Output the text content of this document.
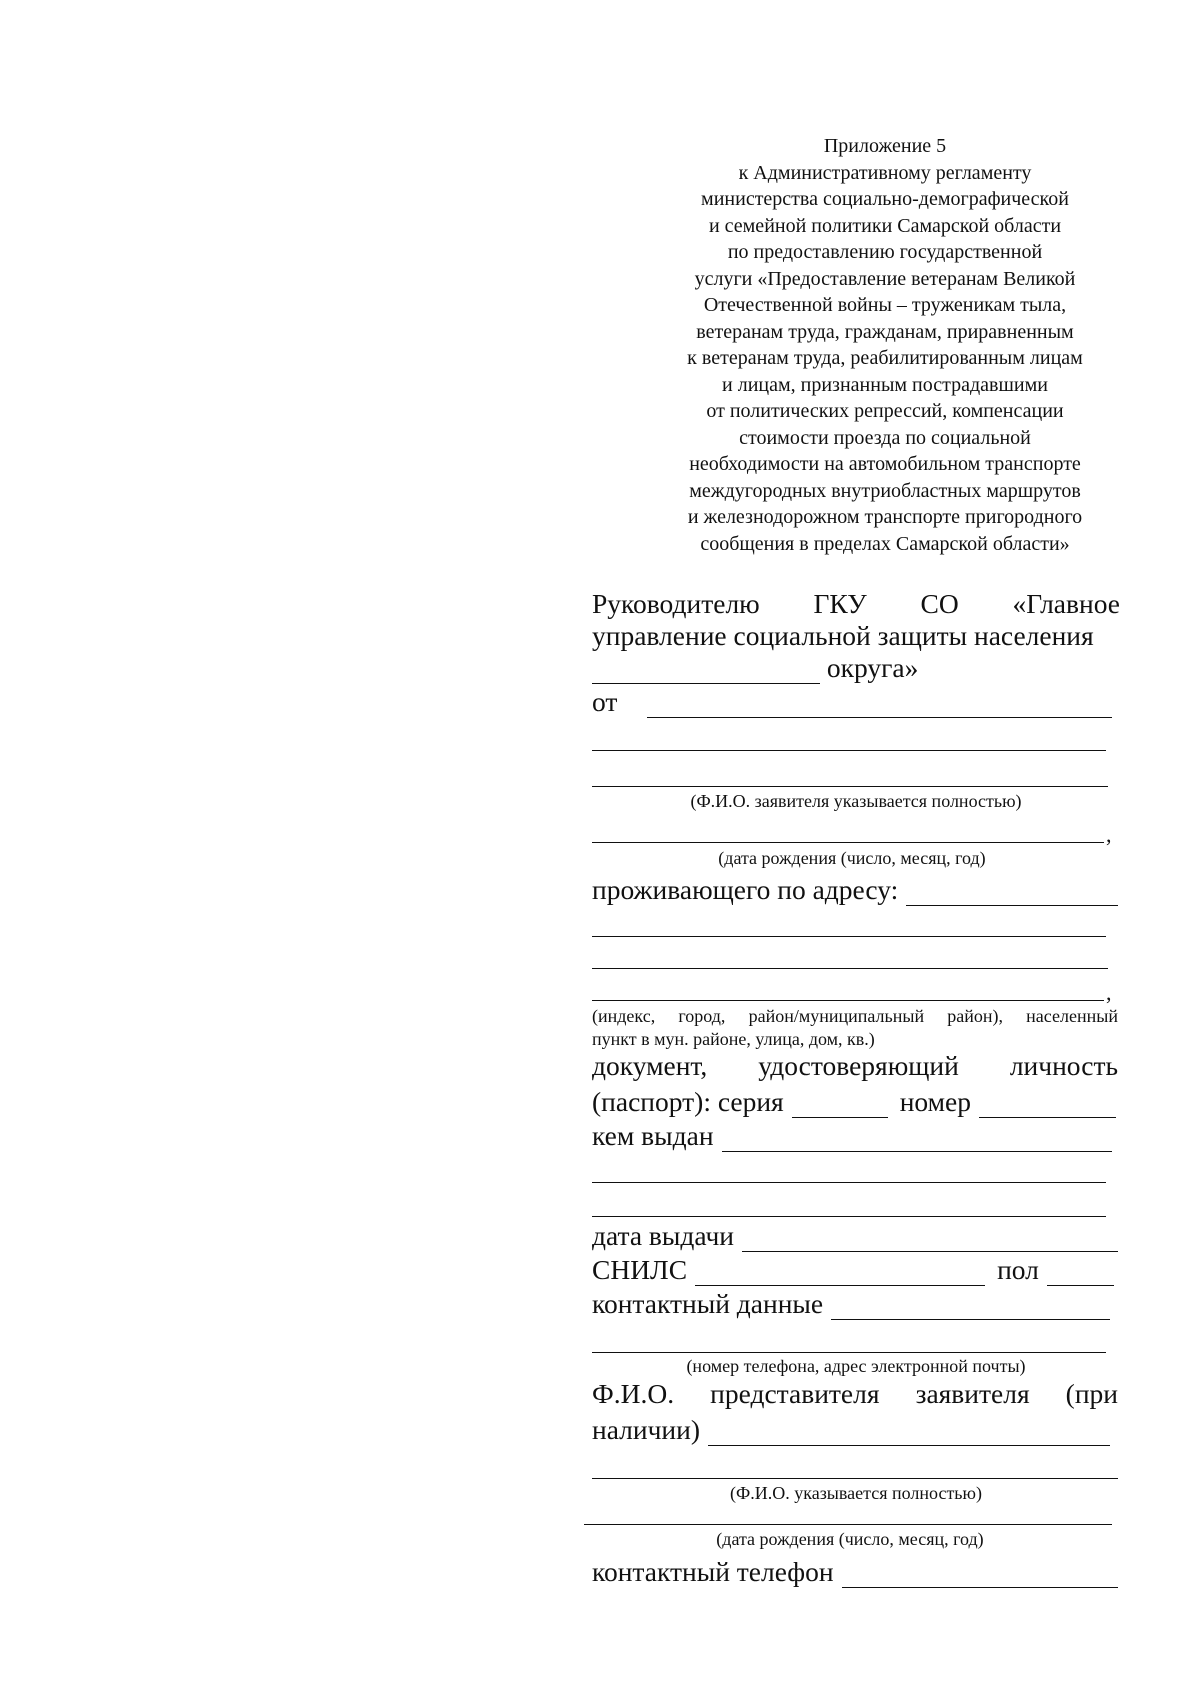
Приложение 5
к Административному регламенту
министерства социально-демографической
и семейной политики Самарской области
по предоставлению государственной
услуги «Предоставление ветеранам Великой
Отечественной войны – труженикам тыла,
ветеранам труда, гражданам, приравненным
к ветеранам труда, реабилитированным лицам
и лицам, признанным пострадавшими
от политических репрессий, компенсации
стоимости проезда по социальной
необходимости на автомобильном транспорте
междугородных внутриобластных маршрутов
и железнодорожном транспорте пригородного
сообщения в пределах Самарской области»
Руководителю ГКУ СО «Главное
управление социальной защиты населения
округа»
от
(Ф.И.О. заявителя указывается полностью)
,
(дата рождения (число, месяц, год)
проживающего по адресу:
,
(индекс, город, район/муниципальный район), населенный
пункт в мун. районе, улица, дом, кв.)
документ, удостоверяющий личность
(паспорт): серия	номер
кем выдан
дата выдачи
СНИЛС	пол
контактный данные
(номер телефона, адрес электронной почты)
Ф.И.О. представителя заявителя (при
наличии)
(Ф.И.О. указывается полностью)
(дата рождения (число, месяц, год)
контактный телефон
